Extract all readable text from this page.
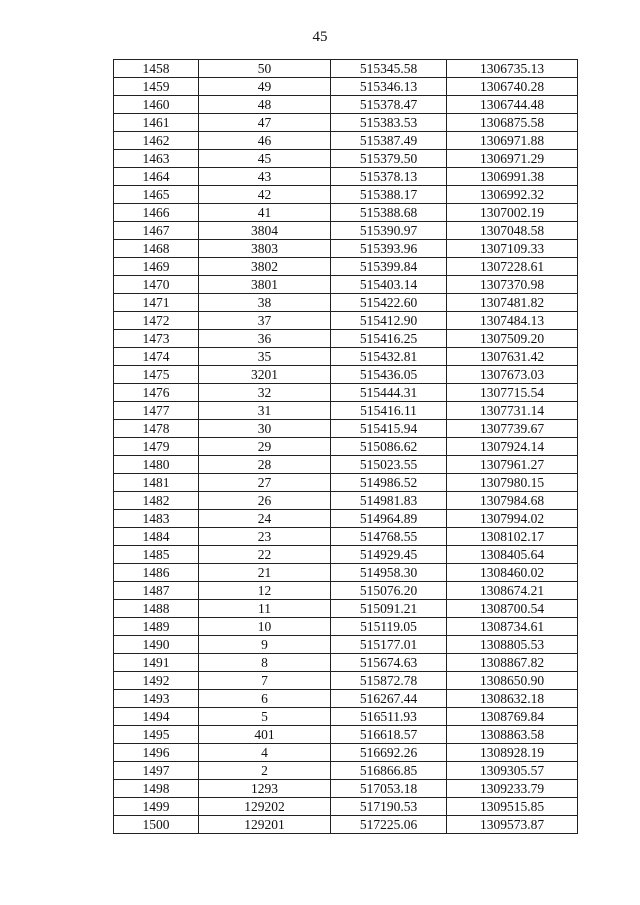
45
1458	50	515345.58	1306735.13
1459	49	515346.13	1306740.28
1460	48	515378.47	1306744.48
1461	47	515383.53	1306875.58
1462	46	515387.49	1306971.88
1463	45	515379.50	1306971.29
1464	43	515378.13	1306991.38
1465	42	515388.17	1306992.32
1466	41	515388.68	1307002.19
1467	3804	515390.97	1307048.58
1468	3803	515393.96	1307109.33
1469	3802	515399.84	1307228.61
1470	3801	515403.14	1307370.98
1471	38	515422.60	1307481.82
1472	37	515412.90	1307484.13
1473	36	515416.25	1307509.20
1474	35	515432.81	1307631.42
1475	3201	515436.05	1307673.03
1476	32	515444.31	1307715.54
1477	31	515416.11	1307731.14
1478	30	515415.94	1307739.67
1479	29	515086.62	1307924.14
1480	28	515023.55	1307961.27
1481	27	514986.52	1307980.15
1482	26	514981.83	1307984.68
1483	24	514964.89	1307994.02
1484	23	514768.55	1308102.17
1485	22	514929.45	1308405.64
1486	21	514958.30	1308460.02
1487	12	515076.20	1308674.21
1488	11	515091.21	1308700.54
1489	10	515119.05	1308734.61
1490	9	515177.01	1308805.53
1491	8	515674.63	1308867.82
1492	7	515872.78	1308650.90
1493	6	516267.44	1308632.18
1494	5	516511.93	1308769.84
1495	401	516618.57	1308863.58
1496	4	516692.26	1308928.19
1497	2	516866.85	1309305.57
1498	1293	517053.18	1309233.79
1499	129202	517190.53	1309515.85
1500	129201	517225.06	1309573.87
